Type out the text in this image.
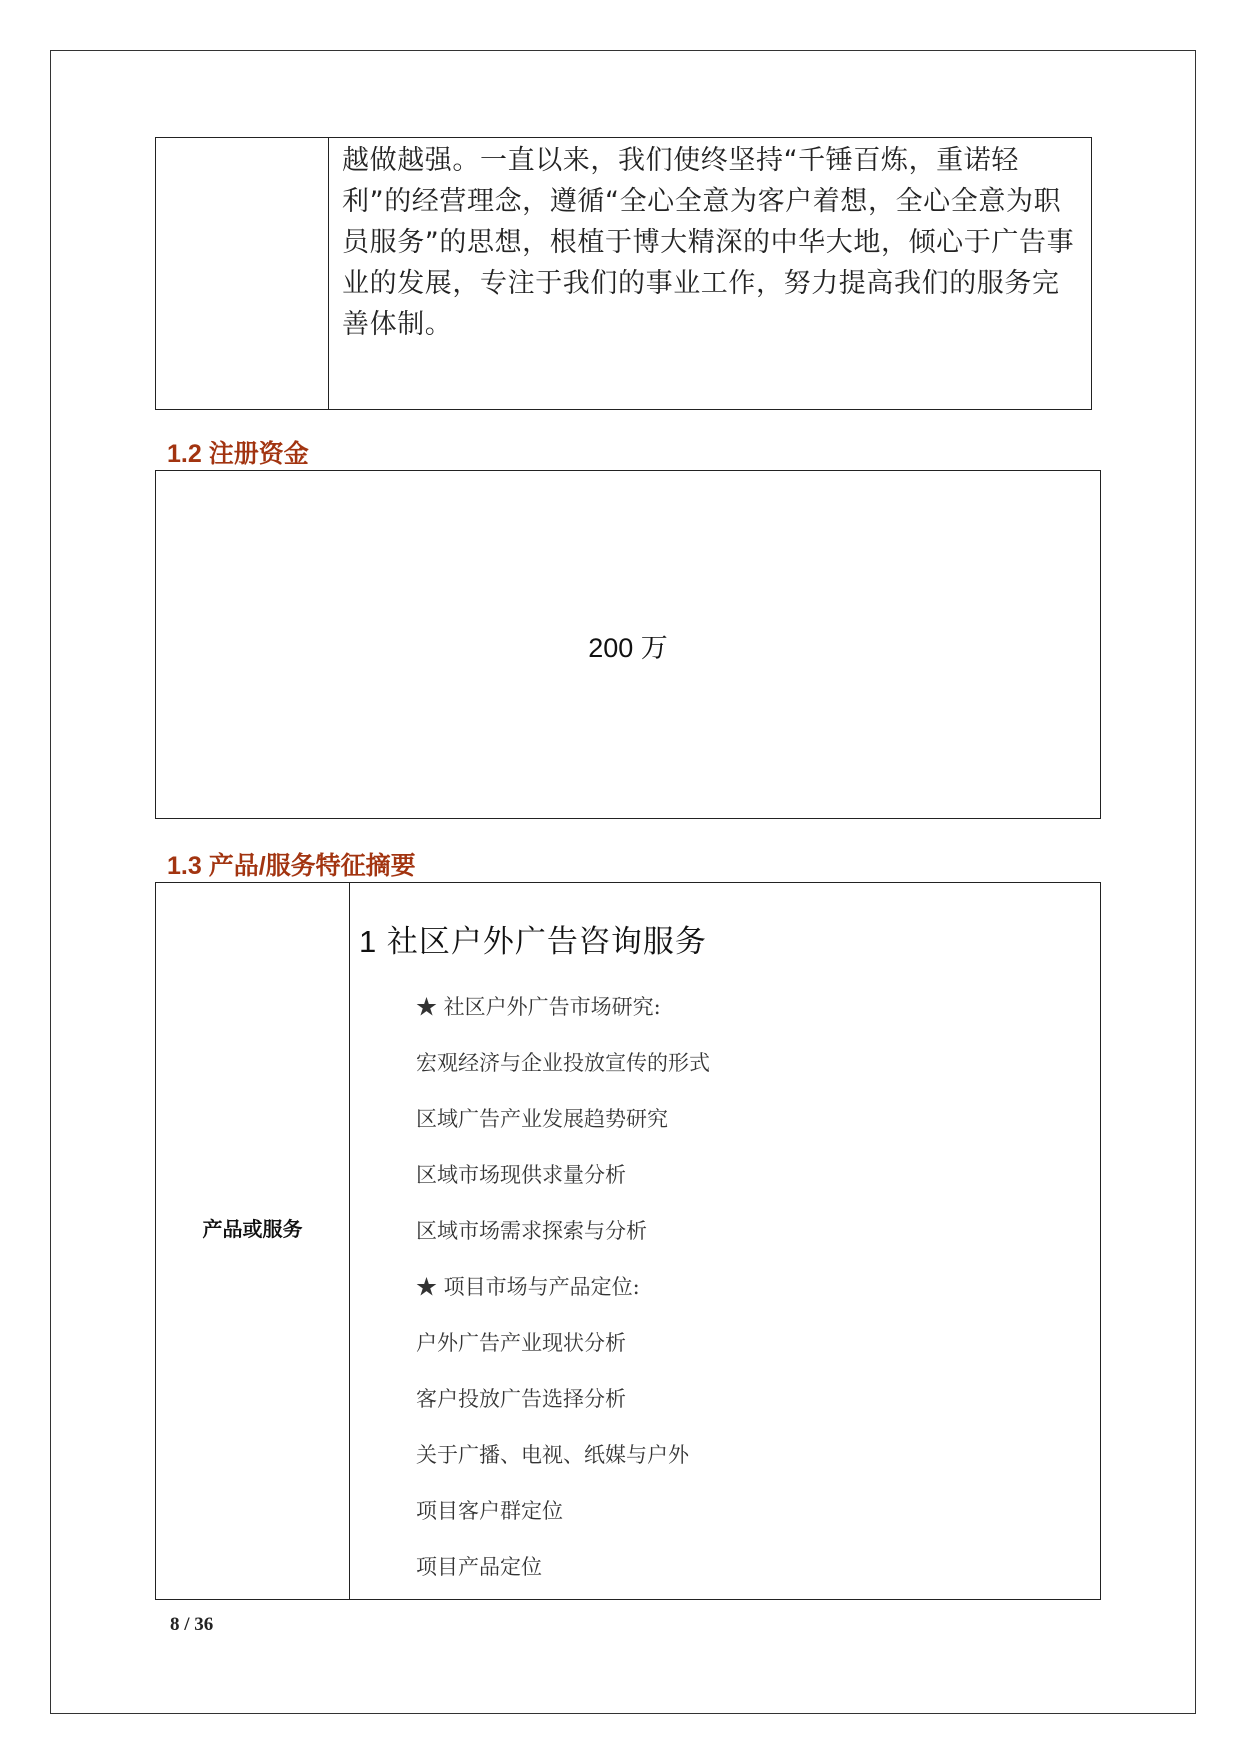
越做越强。一直以来，我们使终坚持“千锤百炼，重诺轻利”的经营理念，遵循“全心全意为客户着想，全心全意为职员服务”的思想，根植于博大精深的中华大地，倾心于广告事业的发展，专注于我们的事业工作，努力提高我们的服务完善体制。

1.2 注册资金
200 万
1.3 产品/服务特征摘要
产品或服务
1 社区户外广告咨询服务
★ 社区户外广告市场研究:
宏观经济与企业投放宣传的形式
区域广告产业发展趋势研究
区域市场现供求量分析
区域市场需求探索与分析
★ 项目市场与产品定位:
户外广告产业现状分析
客户投放广告选择分析
关于广播、电视、纸媒与户外
项目客户群定位
项目产品定位
8 / 36
